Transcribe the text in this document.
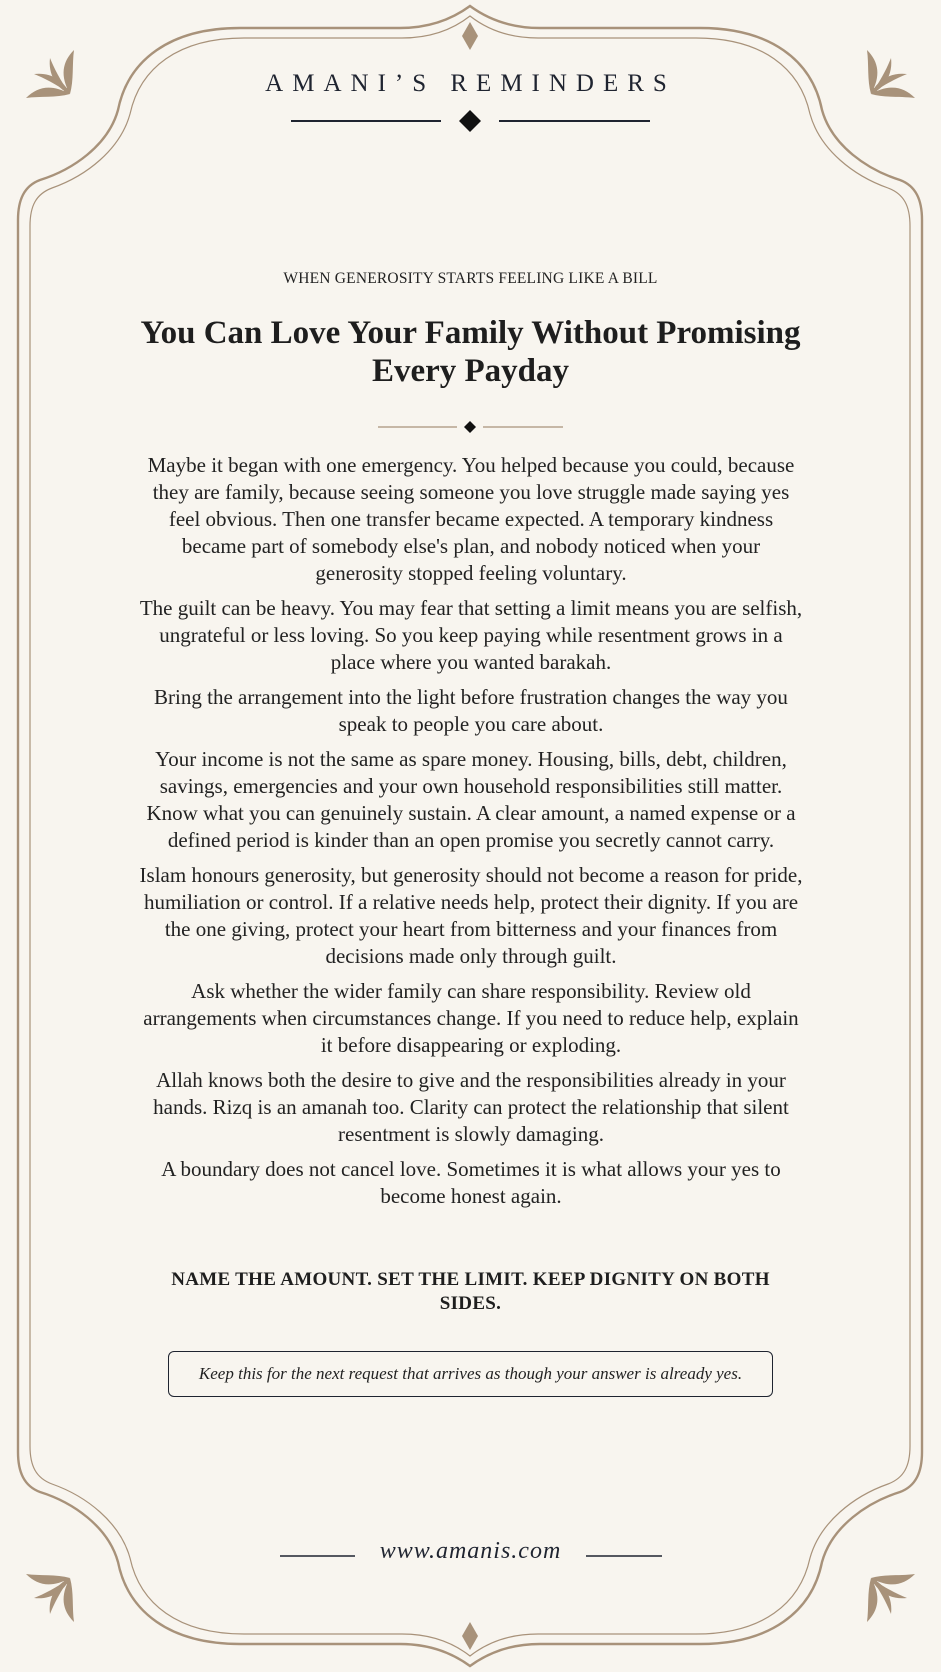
AMANI’S REMINDERS
WHEN GENEROSITY STARTS FEELING LIKE A BILL
You Can Love Your Family Without Promising Every Payday

Maybe it began with one emergency. You helped because you could, because they are family, because seeing someone you love struggle made saying yes feel obvious. Then one transfer became expected. A temporary kindness became part of somebody else's plan, and nobody noticed when your generosity stopped feeling voluntary.

The guilt can be heavy. You may fear that setting a limit means you are selfish, ungrateful or less loving. So you keep paying while resentment grows in a place where you wanted barakah.

Bring the arrangement into the light before frustration changes the way you speak to people you care about.

Your income is not the same as spare money. Housing, bills, debt, children, savings, emergencies and your own household responsibilities still matter. Know what you can genuinely sustain. A clear amount, a named expense or a defined period is kinder than an open promise you secretly cannot carry.

Islam honours generosity, but generosity should not become a reason for pride, humiliation or control. If a relative needs help, protect their dignity. If you are the one giving, protect your heart from bitterness and your finances from decisions made only through guilt.

Ask whether the wider family can share responsibility. Review old arrangements when circumstances change. If you need to reduce help, explain it before disappearing or exploding.

Allah knows both the desire to give and the responsibilities already in your hands. Rizq is an amanah too. Clarity can protect the relationship that silent resentment is slowly damaging.

A boundary does not cancel love. Sometimes it is what allows your yes to become honest again.

NAME THE AMOUNT. SET THE LIMIT. KEEP DIGNITY ON BOTH SIDES.
Keep this for the next request that arrives as though your answer is already yes.
www.amanis.com
